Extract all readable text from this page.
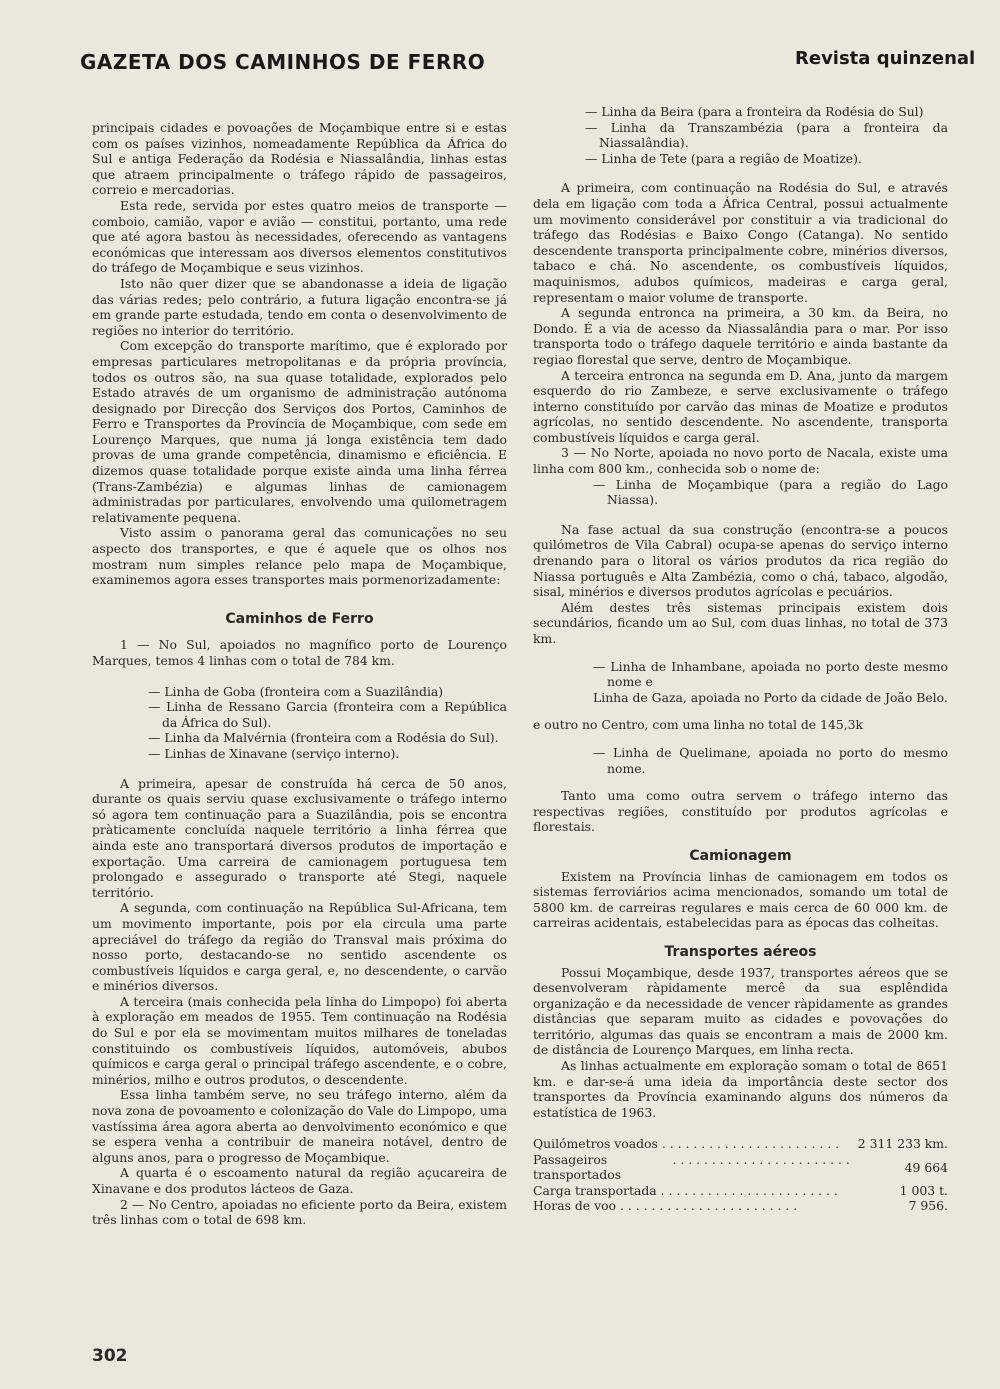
GAZETA DOS CAMINHOS DE FERRO	Revista quinzenal

principais cidades e povoações de Moçambique entre si e estas com os países vizinhos, nomeadamente República da África do Sul e antiga Federação da Rodésia e Niassalândia, linhas estas que atraem principalmente o tráfego rápido de passageiros, correio e mercadorias.

Esta rede, servida por estes quatro meios de transporte — comboio, camião, vapor e avião — constitui, portanto, uma rede que até agora bastou às necessidades, oferecendo as vantagens económicas que interessam aos diversos elementos constitutivos do tráfego de Moçambique e seus vizinhos.

Isto não quer dizer que se abandonasse a ideia de ligação das várias redes; pelo contrário, a futura ligação encontra-se já em grande parte estudada, tendo em conta o desenvolvimento de regiões no interior do território.

Com excepção do transporte marítimo, que é explorado por empresas particulares metropolitanas e da própria província, todos os outros são, na sua quase totalidade, explorados pelo Estado através de um organismo de administração autónoma designado por Direcção dos Serviços dos Portos, Caminhos de Ferro e Transportes da Província de Moçambique, com sede em Lourenço Marques, que numa já longa existência tem dado provas de uma grande competência, dinamismo e eficiência. E dizemos quase totalidade porque existe ainda uma linha férrea (Trans-Zambézia) e algumas linhas de camionagem administradas por particulares, envolvendo uma quilometragem relativamente pequena.

Visto assim o panorama geral das comunicações no seu aspecto dos transportes, e que é aquele que os olhos nos mostram num simples relance pelo mapa de Moçambique, examinemos agora esses transportes mais pormenorizadamente:

Caminhos de Ferro

1 — No Sul, apoiados no magnífico porto de Lourenço Marques, temos 4 linhas com o total de 784 km.

— Linha de Goba (fronteira com a Suazilândia)
— Linha de Ressano Garcia (fronteira com a República da África do Sul).
— Linha da Malvérnia (fronteira com a Rodésia do Sul).
— Linhas de Xinavane (serviço interno).

A primeira, apesar de construída há cerca de 50 anos, durante os quais serviu quase exclusivamente o tráfego interno só agora tem continuação para a Suazilândia, pois se encontra pràticamente concluída naquele território a linha férrea que ainda este ano transportará diversos produtos de importação e exportação. Uma carreira de camionagem portuguesa tem prolongado e assegurado o transporte até Stegi, naquele território.

A segunda, com continuação na República Sul-Africana, tem um movimento importante, pois por ela circula uma parte apreciável do tráfego da região do Transval mais próxima do nosso porto, destacando-se no sentido ascendente os combustíveis líquidos e carga geral, e, no descendente, o carvão e minérios diversos.

A terceira (mais conhecida pela linha do Limpopo) foi aberta à exploração em meados de 1955. Tem continuação na Rodésia do Sul e por ela se movimentam muitos milhares de toneladas constituindo os combustíveis líquidos, automóveis, abubos químicos e carga geral o principal tráfego ascendente, e o cobre, minérios, milho e outros produtos, o descendente.

Essa linha também serve, no seu tráfego interno, além da nova zona de povoamento e colonização do Vale do Limpopo, uma vastíssima área agora aberta ao denvolvimento económico e que se espera venha a contribuir de maneira notável, dentro de alguns anos, para o progresso de Moçambique.

A quarta é o escoamento natural da região açucareira de Xinavane e dos produtos lácteos de Gaza.

2 — No Centro, apoiadas no eficiente porto da Beira, existem três linhas com o total de 698 km.

— Linha da Beira (para a fronteira da Rodésia do Sul)
— Linha da Transzambézia (para a fronteira da Niassalândia).
— Linha de Tete (para a região de Moatize).

A primeira, com continuação na Rodésia do Sul, e através dela em ligação com toda a África Central, possui actualmente um movimento considerável por constituir a via tradicional do tráfego das Rodésias e Baixo Congo (Catanga). No sentido descendente transporta principalmente cobre, minérios diversos, tabaco e chá. No ascendente, os combustíveis líquidos, maquinismos, adubos químicos, madeiras e carga geral, representam o maior volume de transporte.

A segunda entronca na primeira, a 30 km. da Beira, no Dondo. É a via de acesso da Niassalândia para o mar. Por isso transporta todo o tráfego daquele território e ainda bastante da regiao florestal que serve, dentro de Moçambique.

A terceira entronca na segunda em D. Ana, junto da margem esquerdo do rio Zambeze, e serve exclusivamente o tráfego interno constituído por carvão das minas de Moatize e produtos agrícolas, no sentido descendente. No ascendente, transporta combustíveis líquidos e carga geral.

3 — No Norte, apoiada no novo porto de Nacala, existe uma linha com 800 km., conhecida sob o nome de:

— Linha de Moçambique (para a região do Lago Niassa).

Na fase actual da sua construção (encontra-se a poucos quilómetros de Vila Cabral) ocupa-se apenas do serviço interno drenando para o litoral os vários produtos da rica região do Niassa português e Alta Zambézia, como o chá, tabaco, algodão, sisal, minérios e diversos produtos agrícolas e pecuários.

Além destes três sistemas principais existem dois secundários, ficando um ao Sul, com duas linhas, no total de 373 km.

— Linha de Inhambane, apoiada no porto deste mesmo nome e
Linha de Gaza, apoiada no Porto da cidade de João Belo.

e outro no Centro, com uma linha no total de 145,3k

— Linha de Quelimane, apoiada no porto do mesmo nome.

Tanto uma como outra servem o tráfego interno das respectivas regiões, constituído por produtos agrícolas e florestais.

Camionagem

Existem na Província linhas de camionagem em todos os sistemas ferroviários acima mencionados, somando um total de 5800 km. de carreiras regulares e mais cerca de 60 000 km. de carreiras acidentais, estabelecidas para as épocas das colheitas.

Transportes aéreos

Possui Moçambique, desde 1937, transportes aéreos que se desenvolveram ràpidamente mercê da sua esplêndida organização e da necessidade de vencer ràpidamente as grandes distâncias que separam muito as cidades e povovações do território, algumas das quais se encontram a mais de 2000 km. de distância de Lourenço Marques, em linha recta.

As linhas actualmente em exploração somam o total de 8651 km. e dar-se-á uma ideia da importância deste sector dos transportes da Província examinando alguns dos números da estatística de 1963.

Quilómetros voados . . . . . . . . . . . . . . . . . . . . . . .	2 311 233 km.

Passageiros transportados
. . . . . . . . . . . . . . . . . . . . . . .	49 664

Carga transportada . . . . . . . . . . . . . . . . . . . . . . .	1 003 t.

Horas de voo . . . . . . . . . . . . . . . . . . . . . . .	7 956.
302
